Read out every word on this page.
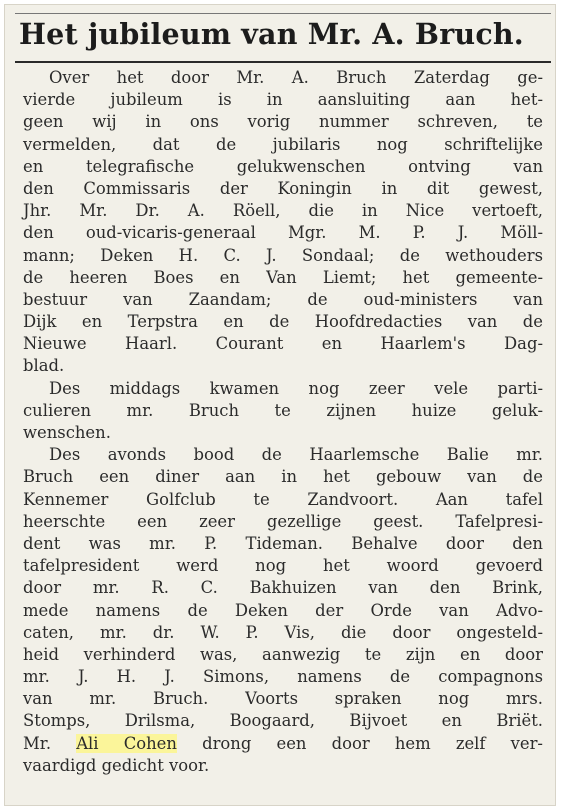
Het jubileum van Mr. A. Bruch.
Over het door Mr. A. Bruch Zaterdag ge-
vierde jubileum is in aansluiting aan het-
geen wij in ons vorig nummer schreven, te
vermelden, dat de jubilaris nog schriftelijke
en telegrafische gelukwenschen ontving van
den Commissaris der Koningin in dit gewest,
Jhr. Mr. Dr. A. Röell, die in Nice vertoeft,
den oud-vicaris-generaal Mgr. M. P. J. Möll-
mann; Deken H. C. J. Sondaal; de wethouders
de heeren Boes en Van Liemt; het gemeente-
bestuur van Zaandam; de oud-ministers van
Dijk en Terpstra en de Hoofdredacties van de
Nieuwe Haarl. Courant en Haarlem's Dag-
blad.
Des middags kwamen nog zeer vele parti-
culieren mr. Bruch te zijnen huize geluk-
wenschen.
Des avonds bood de Haarlemsche Balie mr.
Bruch een diner aan in het gebouw van de
Kennemer Golfclub te Zandvoort. Aan tafel
heerschte een zeer gezellige geest. Tafelpresi-
dent was mr. P. Tideman. Behalve door den
tafelpresident werd nog het woord gevoerd
door mr. R. C. Bakhuizen van den Brink,
mede namens de Deken der Orde van Advo-
caten, mr. dr. W. P. Vis, die door ongesteld-
heid verhinderd was, aanwezig te zijn en door
mr. J. H. J. Simons, namens de compagnons
van mr. Bruch. Voorts spraken nog mrs.
Stomps, Drilsma, Boogaard, Bijvoet en Briët.
Mr. Ali Cohen drong een door hem zelf ver-
vaardigd gedicht voor.
